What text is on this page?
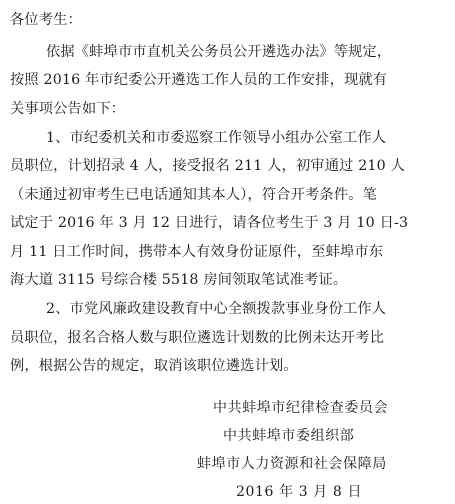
各位考生：
依据《蚌埠市市直机关公务员公开遴选办法》等规定，
按照 2016 年市纪委公开遴选工作人员的工作安排，现就有
关事项公告如下：
1、市纪委机关和市委巡察工作领导小组办公室工作人
员职位，计划招录 4 人，接受报名 211 人，初审通过 210 人
（未通过初审考生已电话通知其本人），符合开考条件。笔
试定于 2016 年 3 月 12 日进行，请各位考生于 3 月 10 日-3
月 11 日工作时间，携带本人有效身份证原件，至蚌埠市东
海大道 3115 号综合楼 5518 房间领取笔试准考证。
2、市党风廉政建设教育中心全额拨款事业身份工作人
员职位，报名合格人数与职位遴选计划数的比例未达开考比
例，根据公告的规定，取消该职位遴选计划。
中共蚌埠市纪律检查委员会
中共蚌埠市委组织部
蚌埠市人力资源和社会保障局
2016 年 3 月 8 日
